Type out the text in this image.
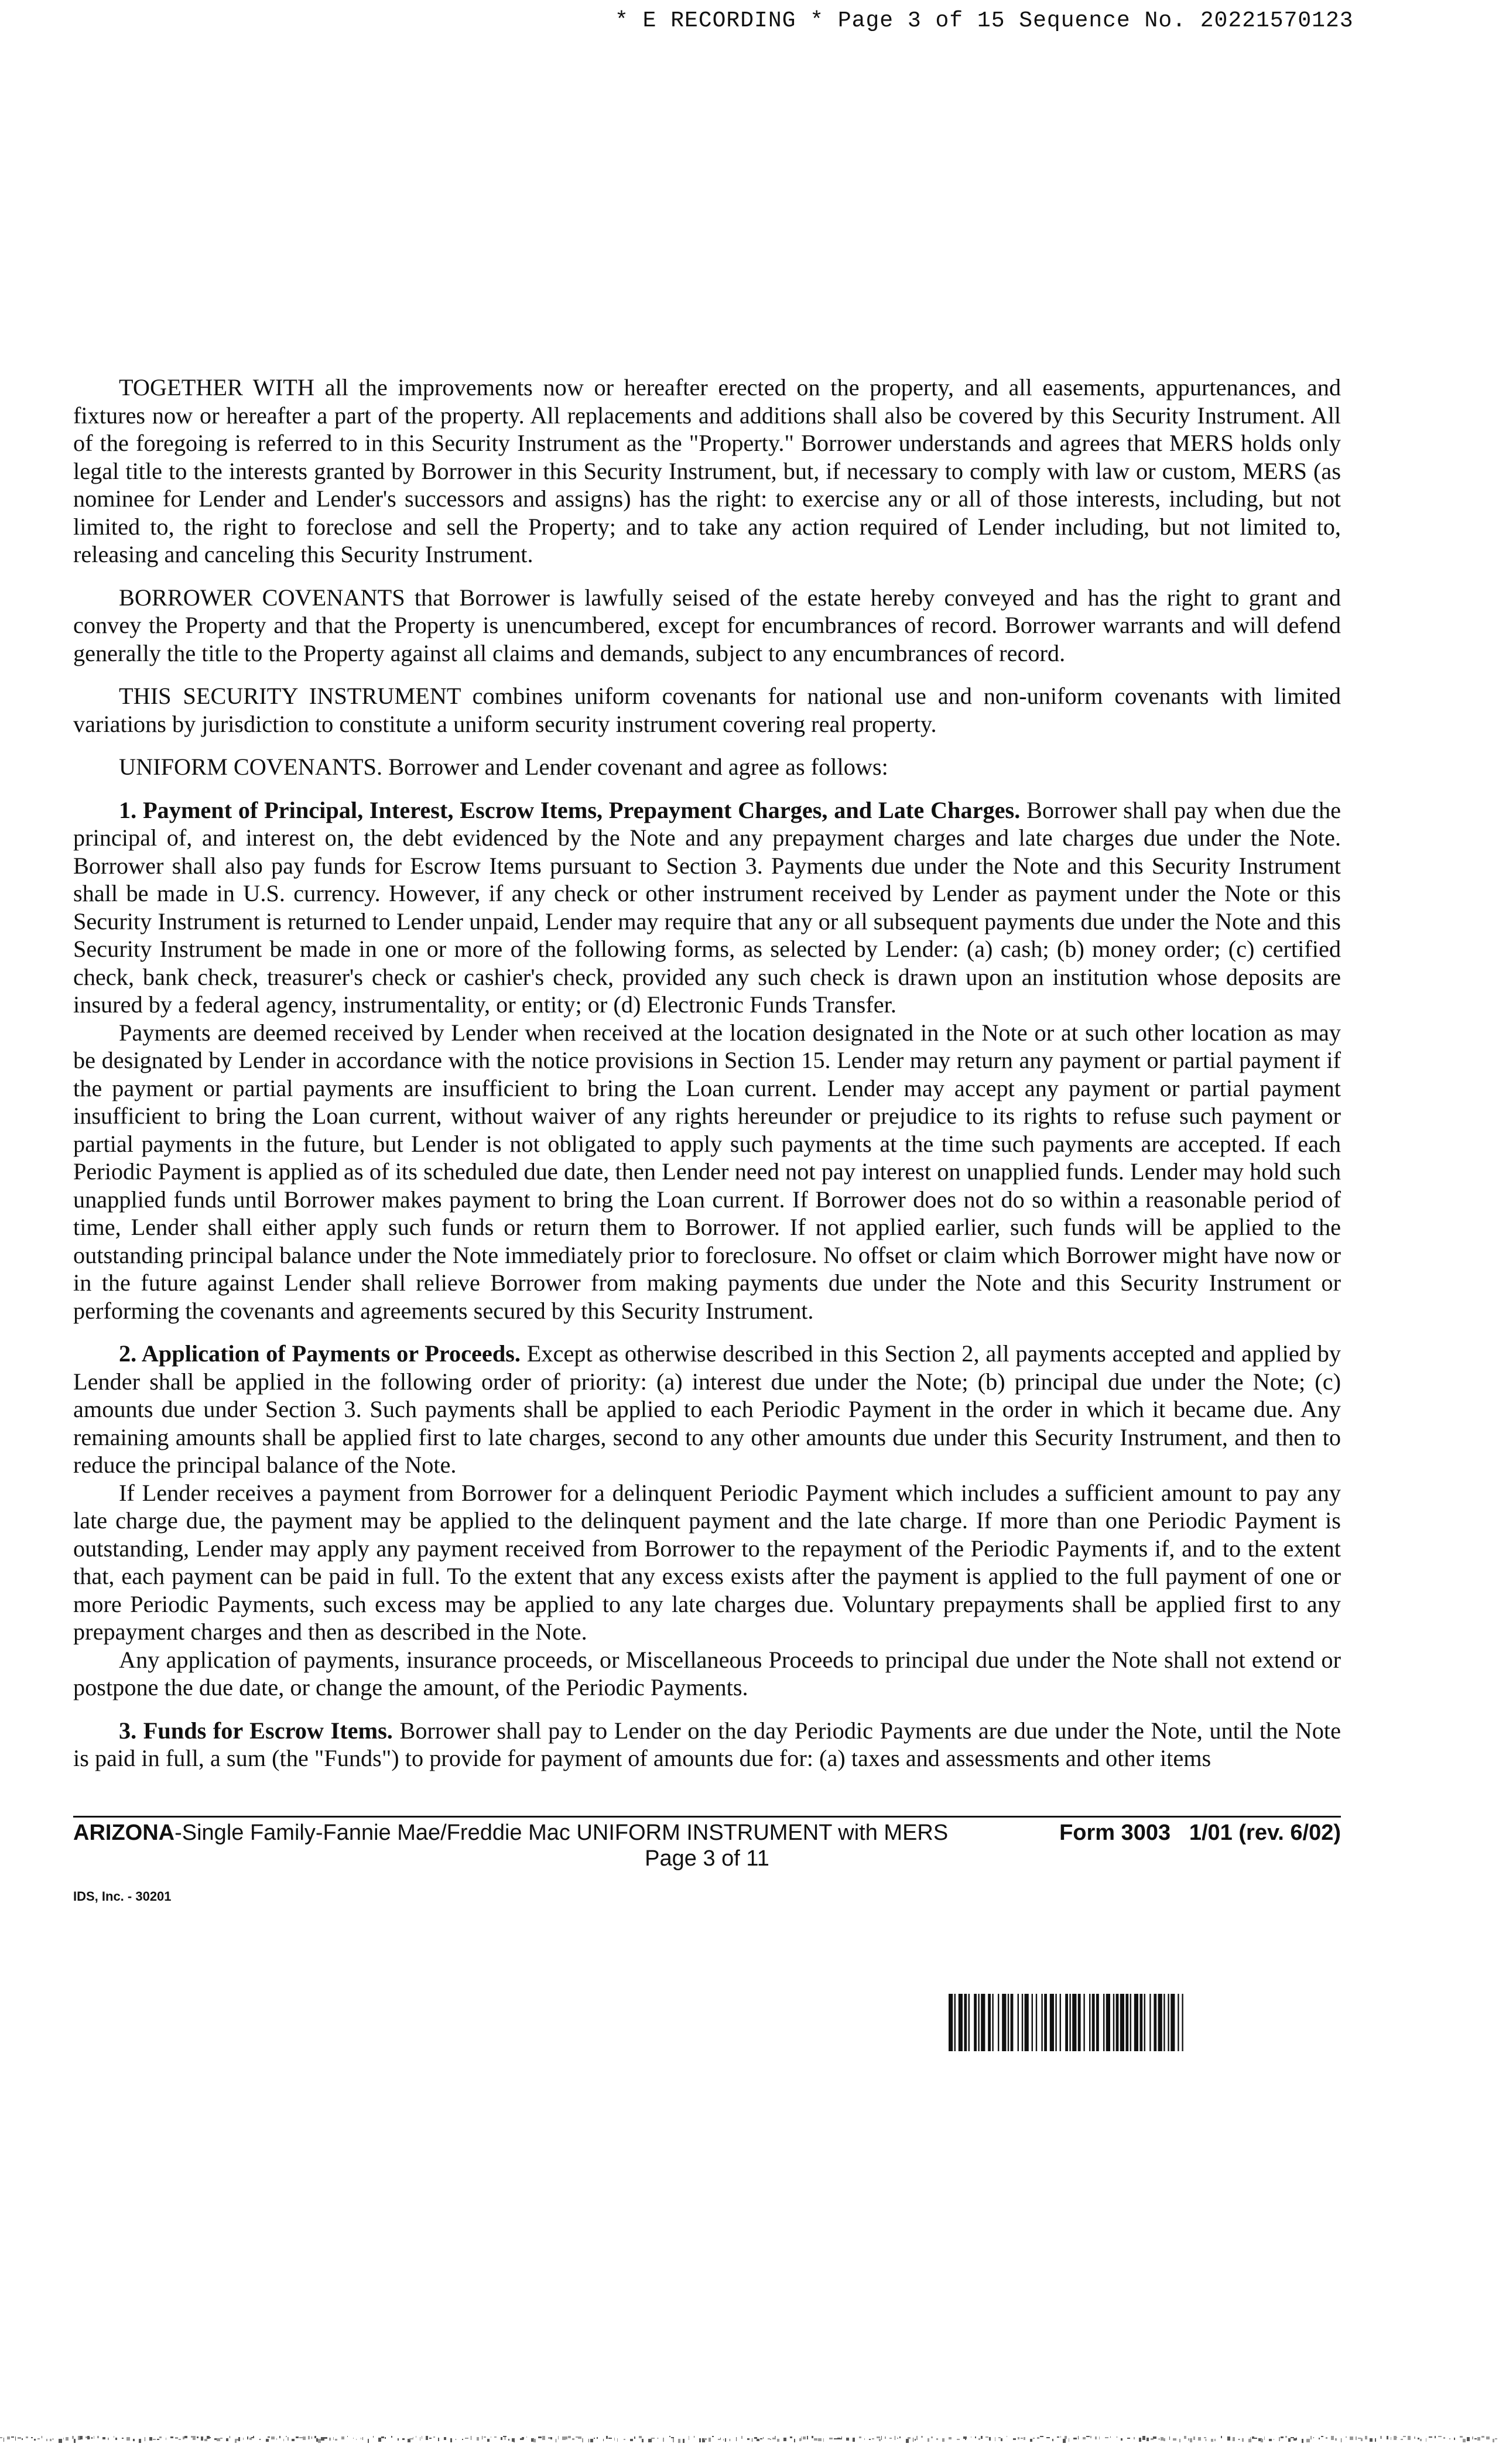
* E RECORDING * Page 3 of 15 Sequence No. 20221570123

TOGETHER WITH all the improvements now or hereafter erected on the property, and all easements, appurtenances, and fixtures now or hereafter a part of the property. All replacements and additions shall also be covered by this Security Instrument. All of the foregoing is referred to in this Security Instrument as the "Property." Borrower understands and agrees that MERS holds only legal title to the interests granted by Borrower in this Security Instrument, but, if necessary to comply with law or custom, MERS (as nominee for Lender and Lender's successors and assigns) has the right: to exercise any or all of those interests, including, but not limited to, the right to foreclose and sell the Property; and to take any action required of Lender including, but not limited to, releasing and canceling this Security Instrument.

BORROWER COVENANTS that Borrower is lawfully seised of the estate hereby conveyed and has the right to grant and convey the Property and that the Property is unencumbered, except for encumbrances of record. Borrower warrants and will defend generally the title to the Property against all claims and demands, subject to any encumbrances of record.

THIS SECURITY INSTRUMENT combines uniform covenants for national use and non-uniform covenants with limited variations by jurisdiction to constitute a uniform security instrument covering real property.

UNIFORM COVENANTS. Borrower and Lender covenant and agree as follows:

1. Payment of Principal, Interest, Escrow Items, Prepayment Charges, and Late Charges. Borrower shall pay when due the principal of, and interest on, the debt evidenced by the Note and any prepayment charges and late charges due under the Note. Borrower shall also pay funds for Escrow Items pursuant to Section 3. Payments due under the Note and this Security Instrument shall be made in U.S. currency. However, if any check or other instrument received by Lender as payment under the Note or this Security Instrument is returned to Lender unpaid, Lender may require that any or all subsequent payments due under the Note and this Security Instrument be made in one or more of the following forms, as selected by Lender: (a) cash; (b) money order; (c) certified check, bank check, treasurer's check or cashier's check, provided any such check is drawn upon an institution whose deposits are insured by a federal agency, instrumentality, or entity; or (d) Electronic Funds Transfer.

Payments are deemed received by Lender when received at the location designated in the Note or at such other location as may be designated by Lender in accordance with the notice provisions in Section 15. Lender may return any payment or partial payment if the payment or partial payments are insufficient to bring the Loan current. Lender may accept any payment or partial payment insufficient to bring the Loan current, without waiver of any rights hereunder or prejudice to its rights to refuse such payment or partial payments in the future, but Lender is not obligated to apply such payments at the time such payments are accepted. If each Periodic Payment is applied as of its scheduled due date, then Lender need not pay interest on unapplied funds. Lender may hold such unapplied funds until Borrower makes payment to bring the Loan current. If Borrower does not do so within a reasonable period of time, Lender shall either apply such funds or return them to Borrower. If not applied earlier, such funds will be applied to the outstanding principal balance under the Note immediately prior to foreclosure. No offset or claim which Borrower might have now or in the future against Lender shall relieve Borrower from making payments due under the Note and this Security Instrument or performing the covenants and agreements secured by this Security Instrument.

2. Application of Payments or Proceeds. Except as otherwise described in this Section 2, all payments accepted and applied by Lender shall be applied in the following order of priority: (a) interest due under the Note; (b) principal due under the Note; (c) amounts due under Section 3. Such payments shall be applied to each Periodic Payment in the order in which it became due. Any remaining amounts shall be applied first to late charges, second to any other amounts due under this Security Instrument, and then to reduce the principal balance of the Note.

If Lender receives a payment from Borrower for a delinquent Periodic Payment which includes a sufficient amount to pay any late charge due, the payment may be applied to the delinquent payment and the late charge. If more than one Periodic Payment is outstanding, Lender may apply any payment received from Borrower to the repayment of the Periodic Payments if, and to the extent that, each payment can be paid in full. To the extent that any excess exists after the payment is applied to the full payment of one or more Periodic Payments, such excess may be applied to any late charges due. Voluntary prepayments shall be applied first to any prepayment charges and then as described in the Note.

Any application of payments, insurance proceeds, or Miscellaneous Proceeds to principal due under the Note shall not extend or postpone the due date, or change the amount, of the Periodic Payments.

3. Funds for Escrow Items. Borrower shall pay to Lender on the day Periodic Payments are due under the Note, until the Note is paid in full, a sum (the "Funds") to provide for payment of amounts due for: (a) taxes and assessments and other items

ARIZONA-Single Family-Fannie Mae/Freddie Mac UNIFORM INSTRUMENT with MERS	Form 3003   1/01 (rev. 6/02)
Page 3 of 11
IDS, Inc. - 30201
